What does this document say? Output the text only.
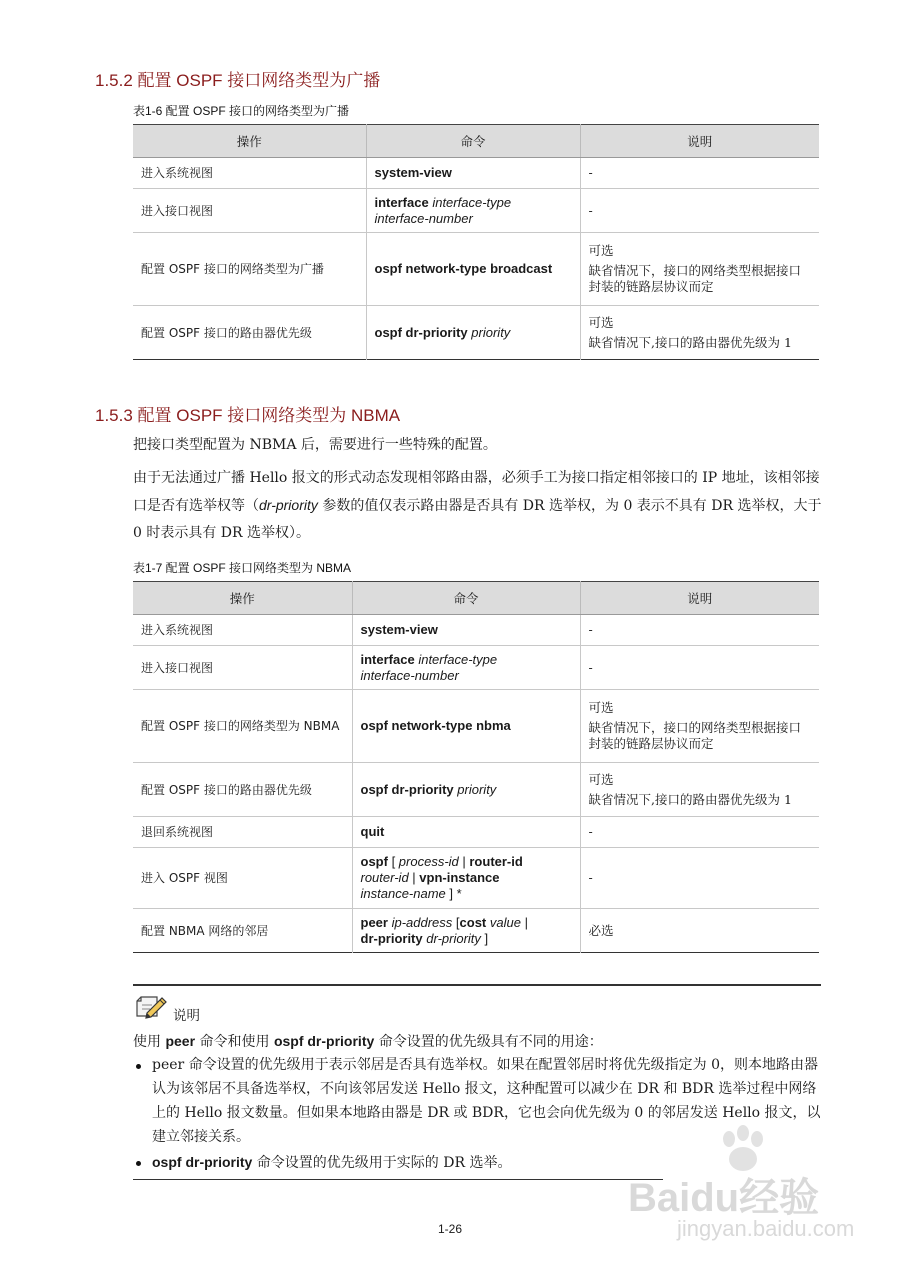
1.5.2 配置 OSPF 接口网络类型为广播
表1-6 配置 OSPF 接口的网络类型为广播
操作	命令	说明
进入系统视图	system-view	-
进入接口视图	interface interface-type
interface-number	-
配置 OSPF 接口的网络类型为广播	ospf network-type broadcast	可选
缺省情况下，接口的网络类型根据接口封装的链路层协议而定

配置 OSPF 接口的路由器优先级	ospf dr-priority priority	可选
缺省情况下,接口的路由器优先级为 1
1.5.3 配置 OSPF 接口网络类型为 NBMA
把接口类型配置为 NBMA 后，需要进行一些特殊的配置。
由于无法通过广播 Hello 报文的形式动态发现相邻路由器，必须手工为接口指定相邻接口的 IP 地址，该相邻接口是否有选举权等（dr-priority 参数的值仅表示路由器是否具有 DR 选举权，为 0 表示不具有 DR 选举权，大于 0 时表示具有 DR 选举权）。
表1-7 配置 OSPF 接口网络类型为 NBMA
操作	命令	说明
进入系统视图	system-view	-
进入接口视图	interface interface-type
interface-number	-
配置 OSPF 接口的网络类型为 NBMA	ospf network-type nbma	可选
缺省情况下，接口的网络类型根据接口封装的链路层协议而定

配置 OSPF 接口的路由器优先级	ospf dr-priority priority	可选
缺省情况下,接口的路由器优先级为 1

退回系统视图	quit	-
进入 OSPF 视图	ospf [ process-id | router-id
router-id | vpn-instance
instance-name ] *	-
配置 NBMA 网络的邻居	peer ip-address [cost value |
dr-priority dr-priority ]	必选
说明
使用 peer 命令和使用 ospf dr-priority 命令设置的优先级具有不同的用途：
peer 命令设置的优先级用于表示邻居是否具有选举权。如果在配置邻居时将优先级指定为 0，则本地路由器认为该邻居不具备选举权，不向该邻居发送 Hello 报文，这种配置可以减少在 DR 和 BDR 选举过程中网络上的 Hello 报文数量。但如果本地路由器是 DR 或 BDR，它也会向优先级为 0 的邻居发送 Hello 报文，以建立邻接关系。
ospf dr-priority 命令设置的优先级用于实际的 DR 选举。
1-26
Baidu经验
jingyan.baidu.com
